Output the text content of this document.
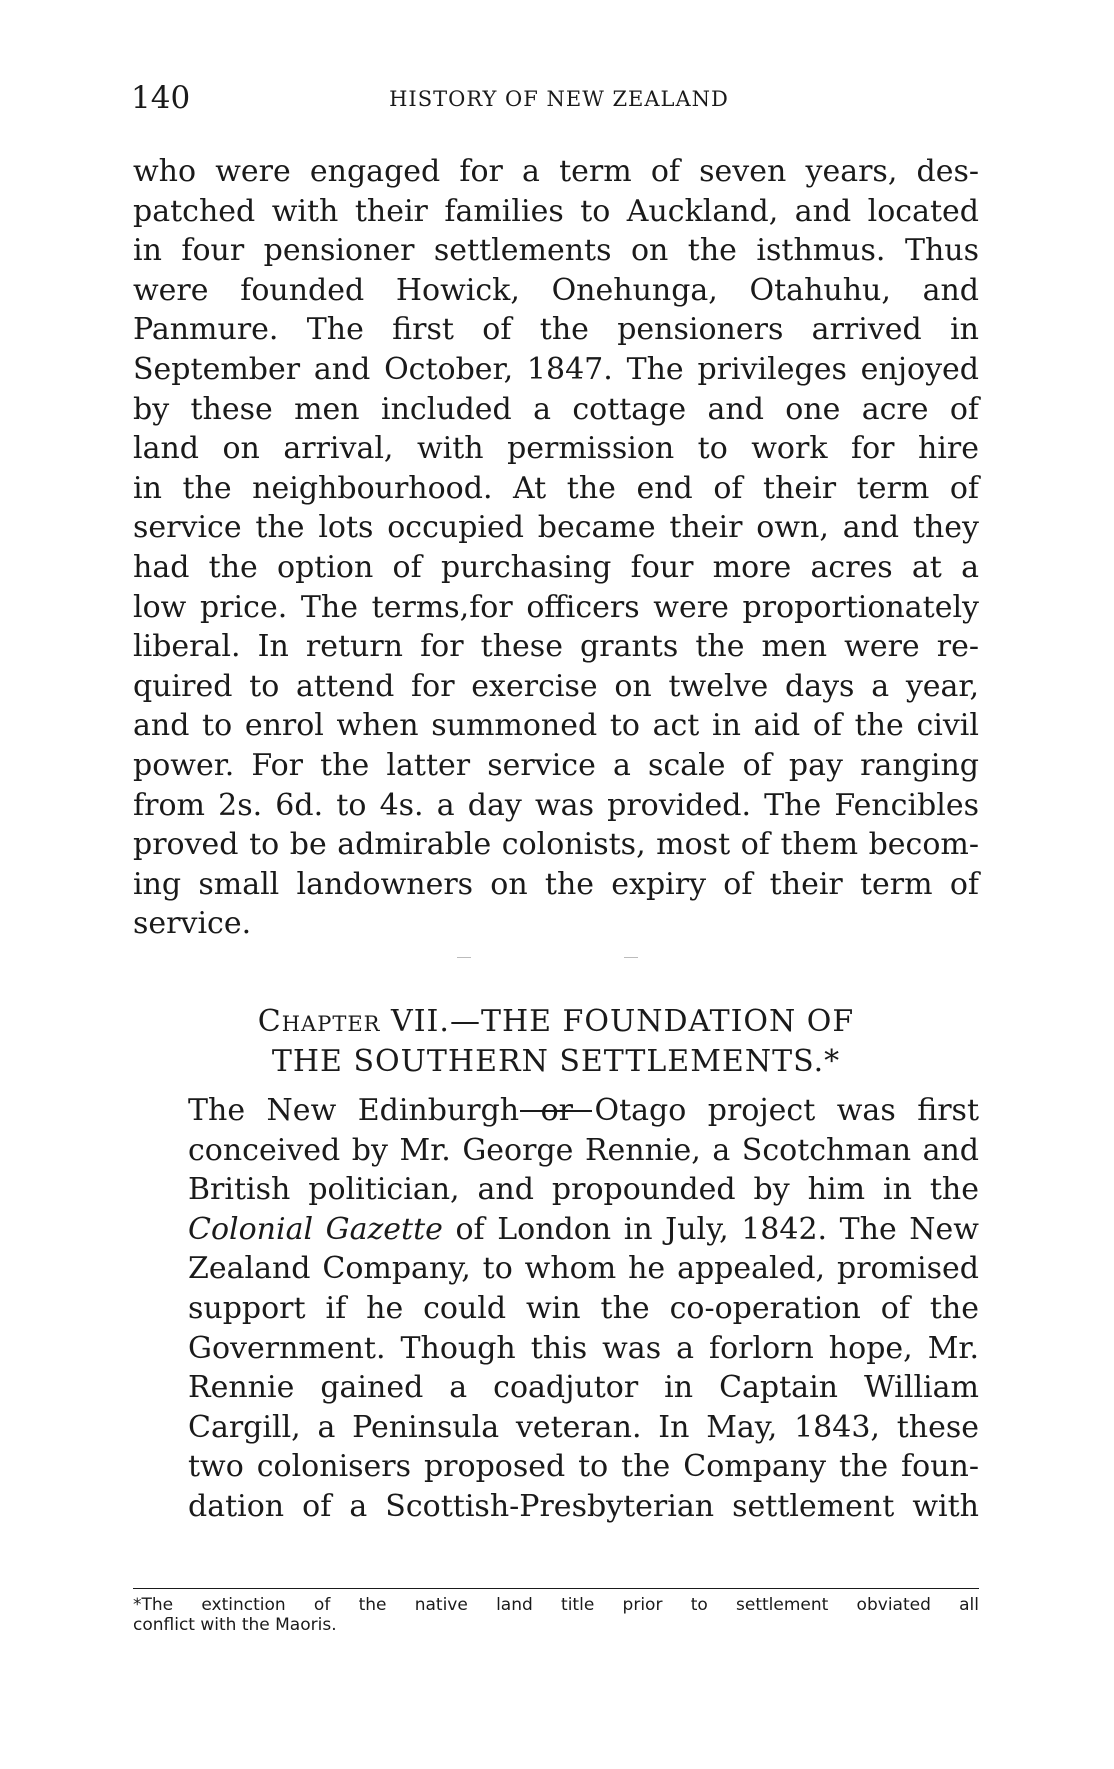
140	HISTORY OF NEW ZEALAND
who were engaged for a term of seven years, des-
patched with their families to Auckland, and located
in four pensioner settlements on the isthmus. Thus
were founded Howick, Onehunga, Otahuhu, and
Panmure. The first of the pensioners arrived in
September and October, 1847. The privileges enjoyed
by these men included a cottage and one acre of
land on arrival, with permission to work for hire
in the neighbourhood. At the end of their term of
service the lots occupied became their own, and they
had the option of purchasing four more acres at a
low price. The terms,for officers were proportionately
liberal. In return for these grants the men were re-
quired to attend for exercise on twelve days a year,
and to enrol when summoned to act in aid of the civil
power. For the latter service a scale of pay ranging
from 2s. 6d. to 4s. a day was provided. The Fencibles
proved to be admirable colonists, most of them becom-
ing small landowners on the expiry of their term of
service.
Chapter VII.—THE FOUNDATION OF
THE SOUTHERN SETTLEMENTS.*
The New Edinburgh or Otago project was first
conceived by Mr. George Rennie, a Scotchman and
British politician, and propounded by him in the
Colonial Gazette of London in July, 1842. The New
Zealand Company, to whom he appealed, promised
support if he could win the co-operation of the
Government. Though this was a forlorn hope, Mr.
Rennie gained a coadjutor in Captain William
Cargill, a Peninsula veteran. In May, 1843, these
two colonisers proposed to the Company the foun-
dation of a Scottish-Presbyterian settlement with
*The extinction of the native land title prior to settlement obviated all
conflict with the Maoris.
